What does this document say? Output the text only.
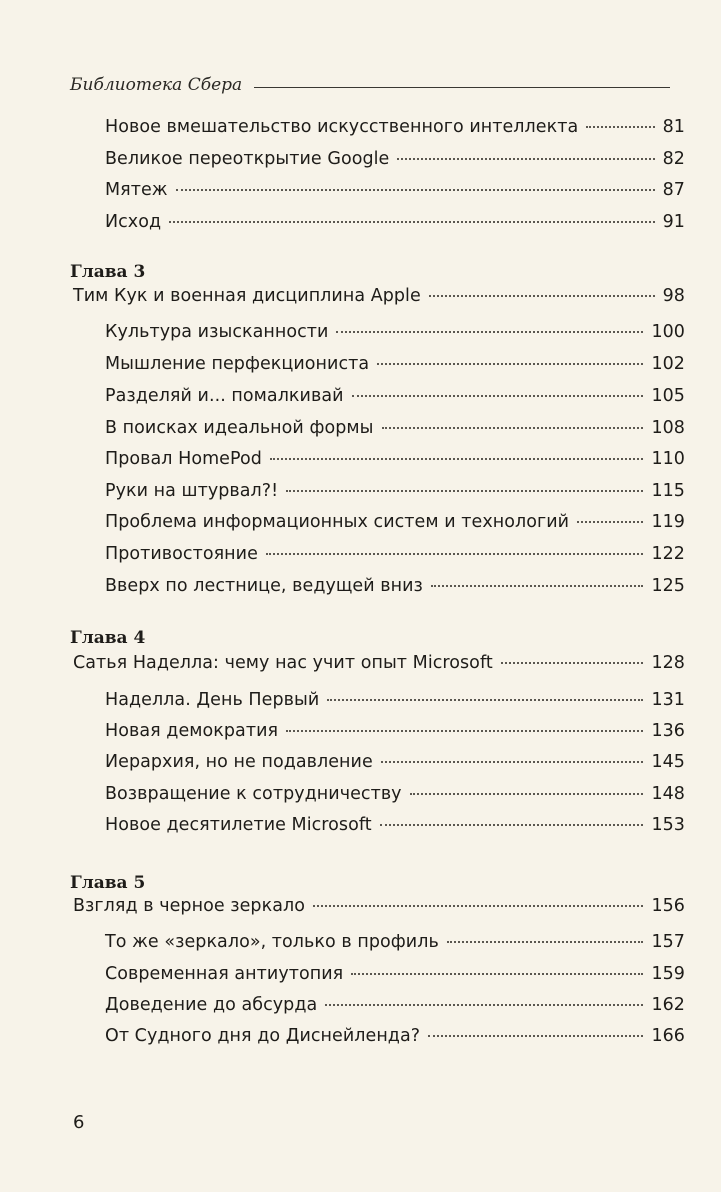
Библиотека Сбера
Новое вмешательство искусственного интеллекта	81
Великое переоткрытие Google	82
Мятеж	87
Исход	91
Глава 3
Тим Кук и военная дисциплина Apple	98
Культура изысканности	100
Мышление перфекциониста	102
Разделяй и... помалкивай	105
В поисках идеальной формы	108
Провал HomePod	110
Руки на штурвал?!	115
Проблема информационных систем и технологий	119
Противостояние	122
Вверх по лестнице, ведущей вниз	125
Глава 4
Сатья Наделла: чему нас учит опыт Microsoft	128
Наделла. День Первый	131
Новая демократия	136
Иерархия, но не подавление	145
Возвращение к сотрудничеству	148
Новое десятилетие Microsoft	153
Глава 5
Взгляд в черное зеркало	156
То же «зеркало», только в профиль	157
Современная антиутопия	159
Доведение до абсурда	162
От Судного дня до Диснейленда?	166
6
